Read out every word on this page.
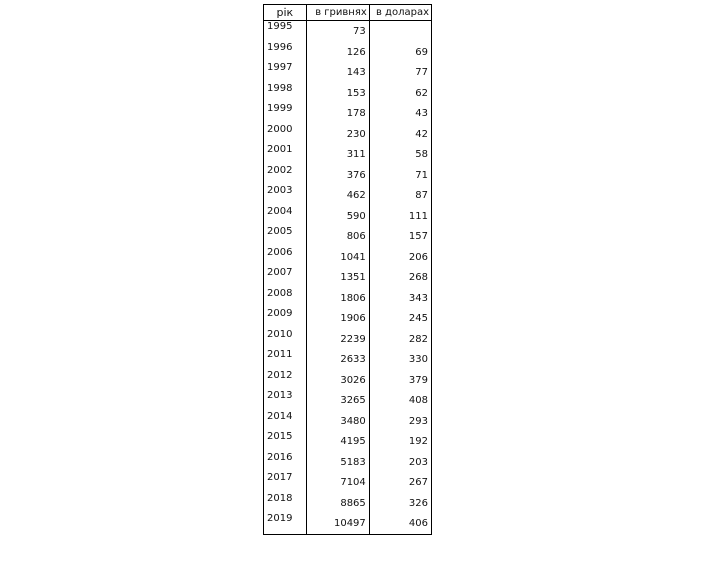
рік	в гривнях	в доларах
1995	73	
1996	126	69
1997	143	77
1998	153	62
1999	178	43
2000	230	42
2001	311	58
2002	376	71
2003	462	87
2004	590	111
2005	806	157
2006	1041	206
2007	1351	268
2008	1806	343
2009	1906	245
2010	2239	282
2011	2633	330
2012	3026	379
2013	3265	408
2014	3480	293
2015	4195	192
2016	5183	203
2017	7104	267
2018	8865	326
2019	10497	406
